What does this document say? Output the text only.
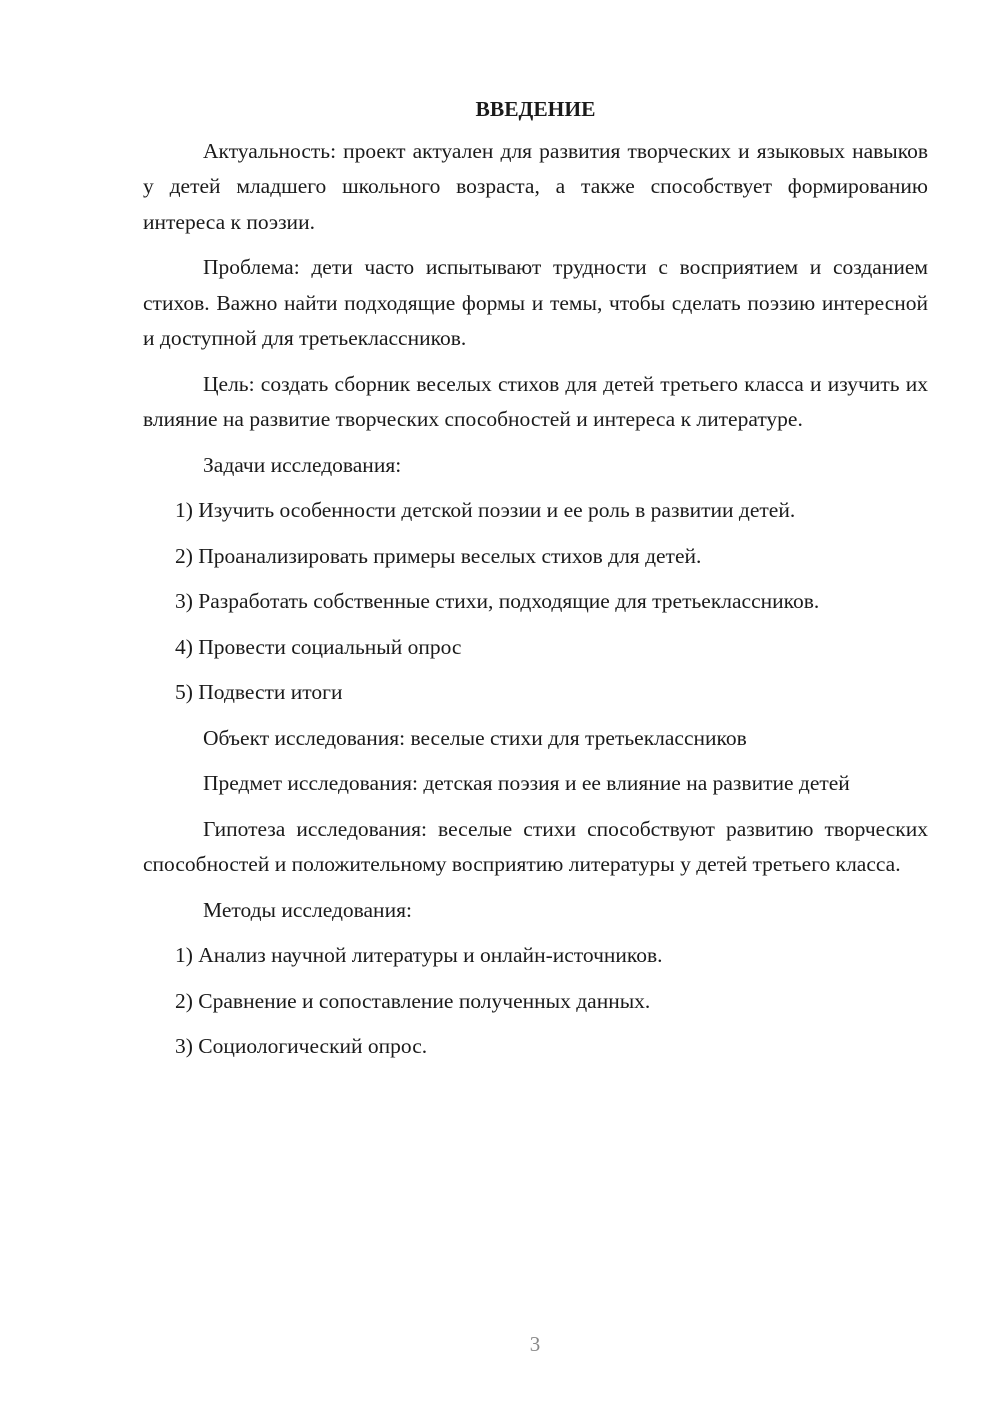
ВВЕДЕНИЕ

Актуальность: проект актуален для развития творческих и языковых навыков у детей младшего школьного возраста, а также способствует формированию интереса к поэзии.

Проблема: дети часто испытывают трудности с восприятием и созданием стихов. Важно найти подходящие формы и темы, чтобы сделать поэзию интересной и доступной для третьеклассников.

Цель: создать сборник веселых стихов для детей третьего класса и изучить их влияние на развитие творческих способностей и интереса к литературе.

Задачи исследования:

1) Изучить особенности детской поэзии и ее роль в развитии детей.

2) Проанализировать примеры веселых стихов для детей.

3) Разработать собственные стихи, подходящие для третьеклассников.

4) Провести социальный опрос

5) Подвести итоги

Объект исследования: веселые стихи для третьеклассников

Предмет исследования: детская поэзия и ее влияние на развитие детей

Гипотеза исследования: веселые стихи способствуют развитию творческих способностей и положительному восприятию литературы у детей третьего класса.

Методы исследования:

1) Анализ научной литературы и онлайн-источников.

2) Сравнение и сопоставление полученных данных.

3) Социологический опрос.

3
